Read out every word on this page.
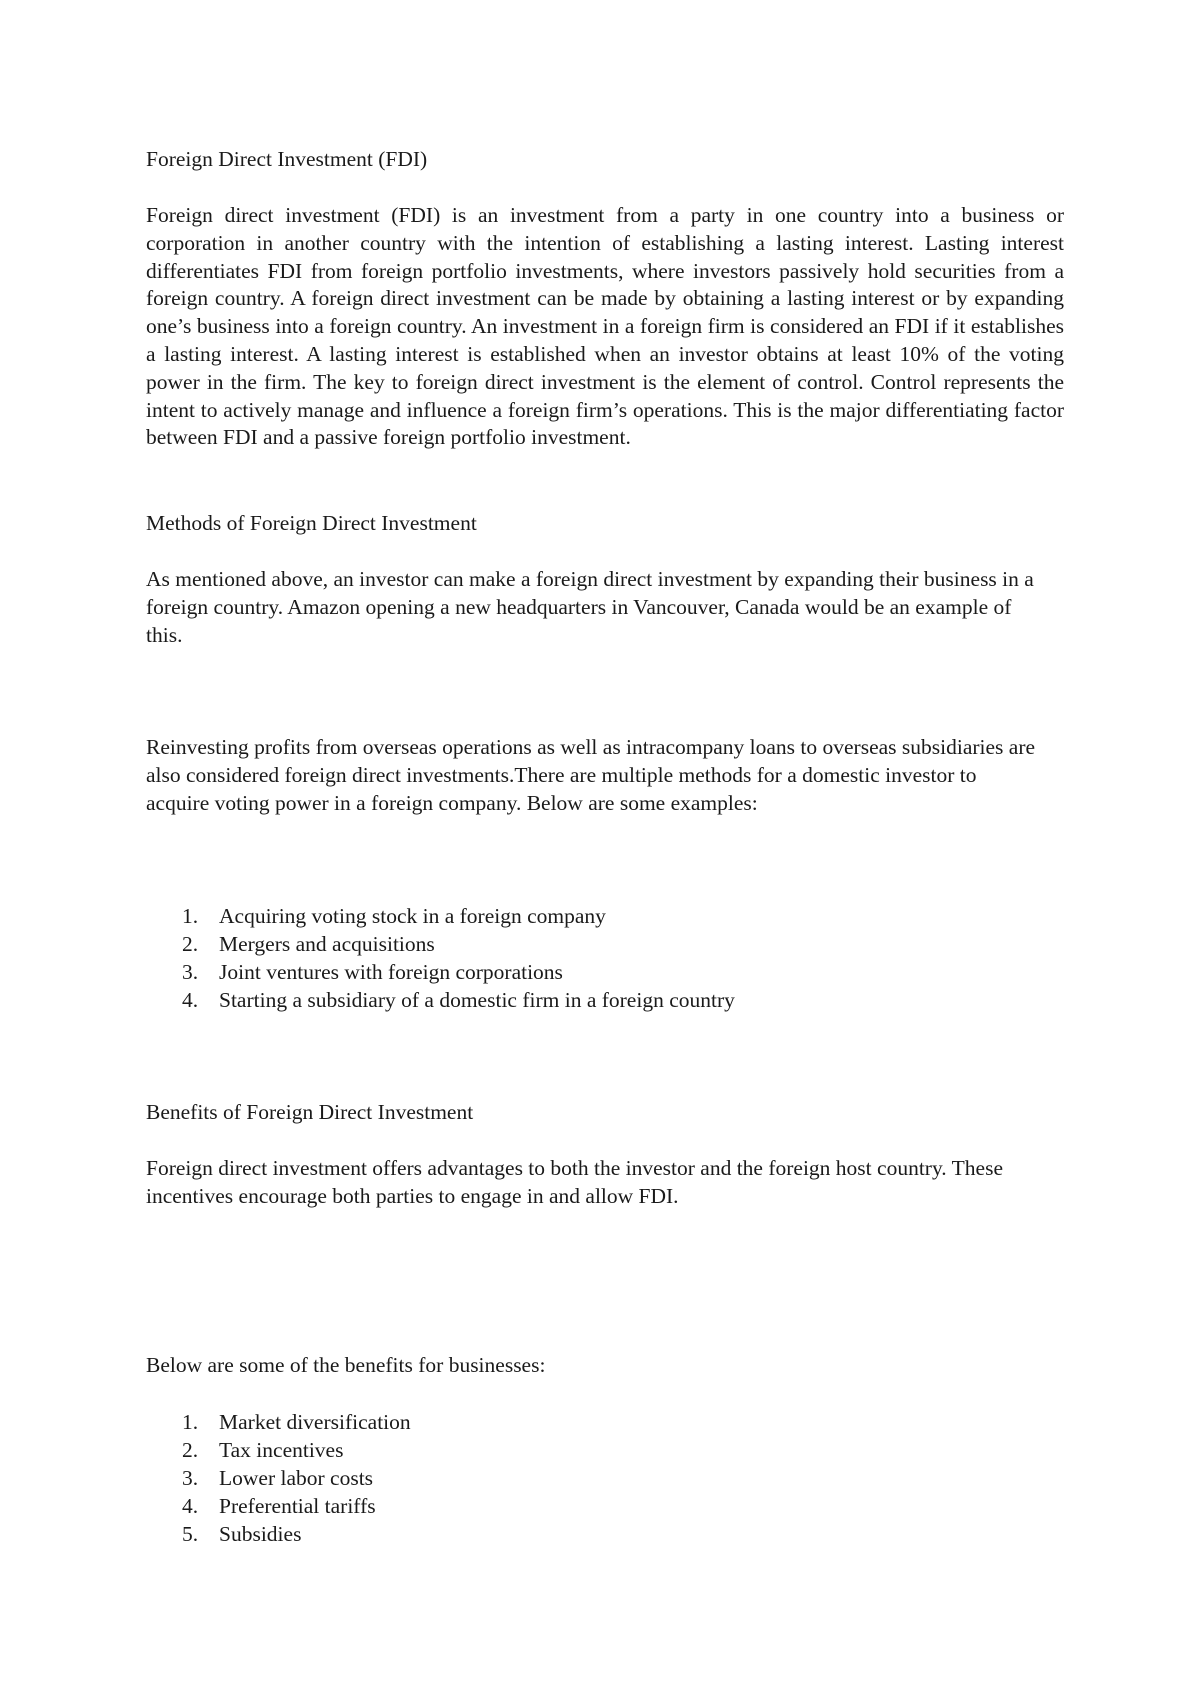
Foreign Direct Investment (FDI)

Foreign direct investment (FDI) is an investment from a party in one country into a business or corporation in another country with the intention of establishing a lasting interest. Lasting interest differentiates FDI from foreign portfolio investments, where investors passively hold securities from a foreign country. A foreign direct investment can be made by obtaining a lasting interest or by expanding one’s business into a foreign country. An investment in a foreign firm is considered an FDI if it establishes a lasting interest. A lasting interest is established when an investor obtains at least 10% of the voting power in the firm. The key to foreign direct investment is the element of control. Control represents the intent to actively manage and influence a foreign firm’s operations. This is the major differentiating factor between FDI and a passive foreign portfolio investment.

Methods of Foreign Direct Investment

As mentioned above, an investor can make a foreign direct investment by expanding their business in a foreign country. Amazon opening a new headquarters in Vancouver, Canada would be an example of this.

Reinvesting profits from overseas operations as well as intracompany loans to overseas subsidiaries are also considered foreign direct investments.There are multiple methods for a domestic investor to acquire voting power in a foreign company. Below are some examples:

1. Acquiring voting stock in a foreign company
2. Mergers and acquisitions
3. Joint ventures with foreign corporations
4. Starting a subsidiary of a domestic firm in a foreign country

Benefits of Foreign Direct Investment

Foreign direct investment offers advantages to both the investor and the foreign host country. These incentives encourage both parties to engage in and allow FDI.

Below are some of the benefits for businesses:

1. Market diversification
2. Tax incentives
3. Lower labor costs
4. Preferential tariffs
5. Subsidies
